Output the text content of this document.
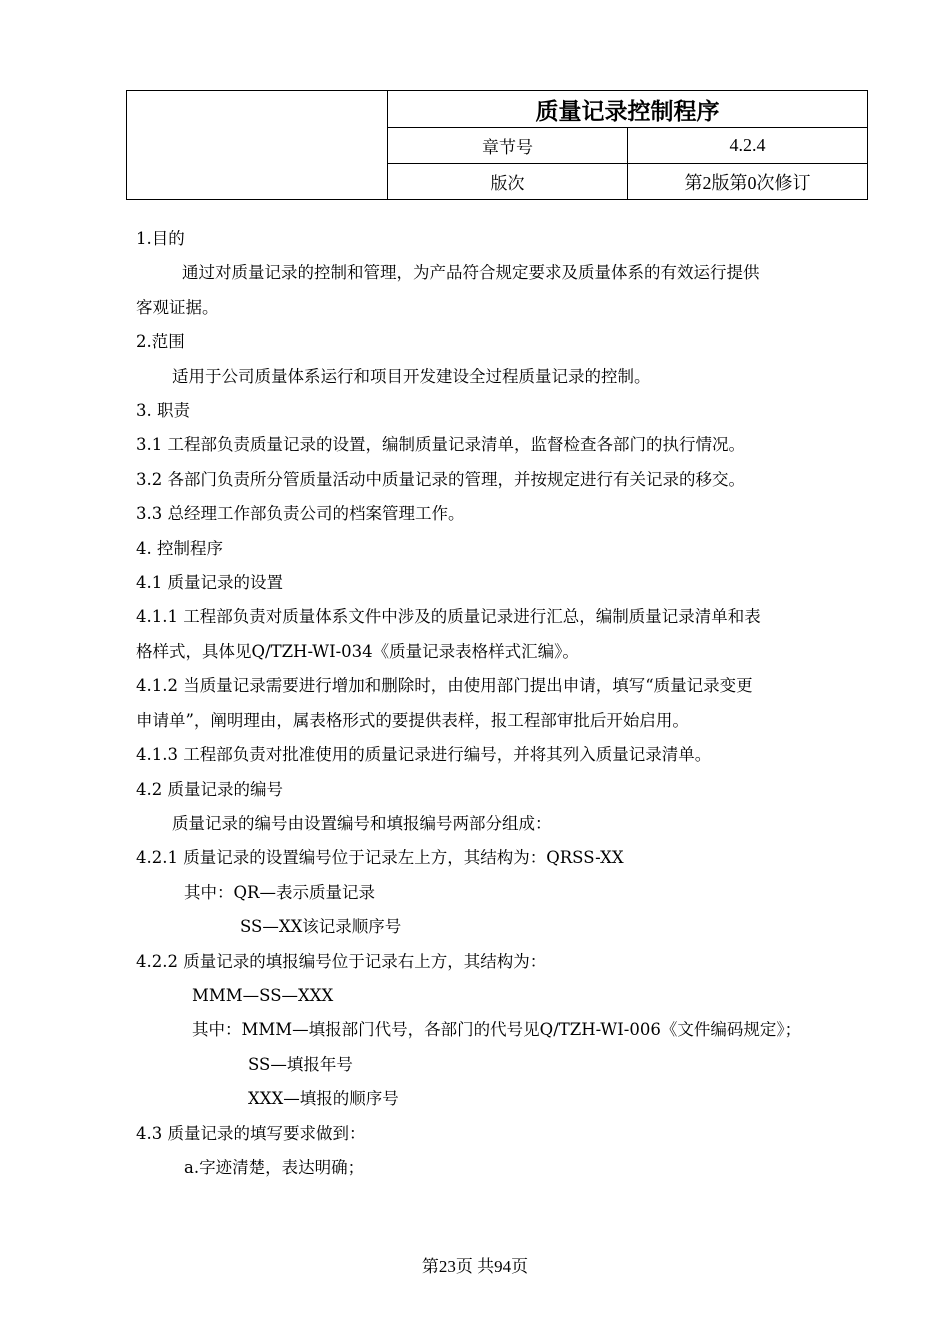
	质量记录控制程序	
	章节号	4.2.4
	版次	第2版第0次修订
1.目的
通过对质量记录的控制和管理，为产品符合规定要求及质量体系的有效运行提供
客观证据。
2.范围
适用于公司质量体系运行和项目开发建设全过程质量记录的控制。
3. 职责
3.1 工程部负责质量记录的设置，编制质量记录清单，监督检查各部门的执行情况。
3.2 各部门负责所分管质量活动中质量记录的管理，并按规定进行有关记录的移交。
3.3 总经理工作部负责公司的档案管理工作。
4. 控制程序
4.1 质量记录的设置
4.1.1 工程部负责对质量体系文件中涉及的质量记录进行汇总，编制质量记录清单和表
格样式，具体见Q/TZH-WI-034《质量记录表格样式汇编》。
4.1.2 当质量记录需要进行增加和删除时，由使用部门提出申请，填写“质量记录变更
申请单”，阐明理由，属表格形式的要提供表样，报工程部审批后开始启用。
4.1.3 工程部负责对批准使用的质量记录进行编号，并将其列入质量记录清单。
4.2 质量记录的编号
质量记录的编号由设置编号和填报编号两部分组成：
4.2.1 质量记录的设置编号位于记录左上方，其结构为：QRSS-XX
其中：QR—表示质量记录
SS—XX该记录顺序号
4.2.2 质量记录的填报编号位于记录右上方，其结构为：
MMM—SS—XXX
其中：MMM—填报部门代号，各部门的代号见Q/TZH-WI-006《文件编码规定》；
SS—填报年号
XXX—填报的顺序号
4.3 质量记录的填写要求做到：
a.字迹清楚，表达明确；
第23页 共94页
